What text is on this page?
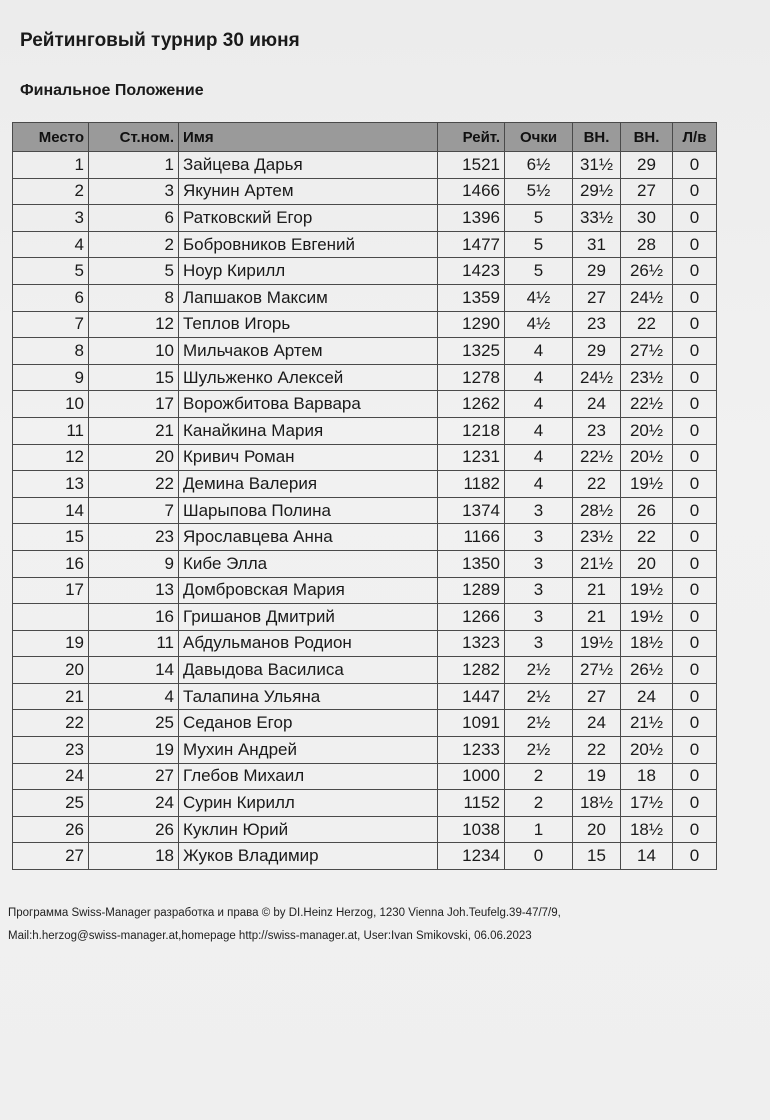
Рейтинговый турнир 30 июня
Финальное Положение
Место	Ст.ном.	Имя	Рейт.	Очки	ВН.	ВН.	Л/в
1	1	Зайцева Дарья	1521	6½	31½	29	0
2	3	Якунин Артем	1466	5½	29½	27	0
3	6	Ратковский Егор	1396	5	33½	30	0
4	2	Бобровников Евгений	1477	5	31	28	0
5	5	Ноур Кирилл	1423	5	29	26½	0
6	8	Лапшаков Максим	1359	4½	27	24½	0
7	12	Теплов Игорь	1290	4½	23	22	0
8	10	Мильчаков Артем	1325	4	29	27½	0
9	15	Шульженко Алексей	1278	4	24½	23½	0
10	17	Ворожбитова Варвара	1262	4	24	22½	0
11	21	Канайкина Мария	1218	4	23	20½	0
12	20	Кривич Роман	1231	4	22½	20½	0
13	22	Демина Валерия	1182	4	22	19½	0
14	7	Шарыпова Полина	1374	3	28½	26	0
15	23	Ярославцева Анна	1166	3	23½	22	0
16	9	Кибе Элла	1350	3	21½	20	0
17	13	Домбровская Мария	1289	3	21	19½	0
	16	Гришанов Дмитрий	1266	3	21	19½	0
19	11	Абдульманов Родион	1323	3	19½	18½	0
20	14	Давыдова Василиса	1282	2½	27½	26½	0
21	4	Талапина Ульяна	1447	2½	27	24	0
22	25	Седанов Егор	1091	2½	24	21½	0
23	19	Мухин Андрей	1233	2½	22	20½	0
24	27	Глебов Михаил	1000	2	19	18	0
25	24	Сурин Кирилл	1152	2	18½	17½	0
26	26	Куклин Юрий	1038	1	20	18½	0
27	18	Жуков Владимир	1234	0	15	14	0
Программа Swiss-Manager разработка и права © by DI.Heinz Herzog, 1230 Vienna Joh.Teufelg.39-47/7/9,
Mail:h.herzog@swiss-manager.at,homepage http://swiss-manager.at, User:Ivan Smikovski, 06.06.2023
